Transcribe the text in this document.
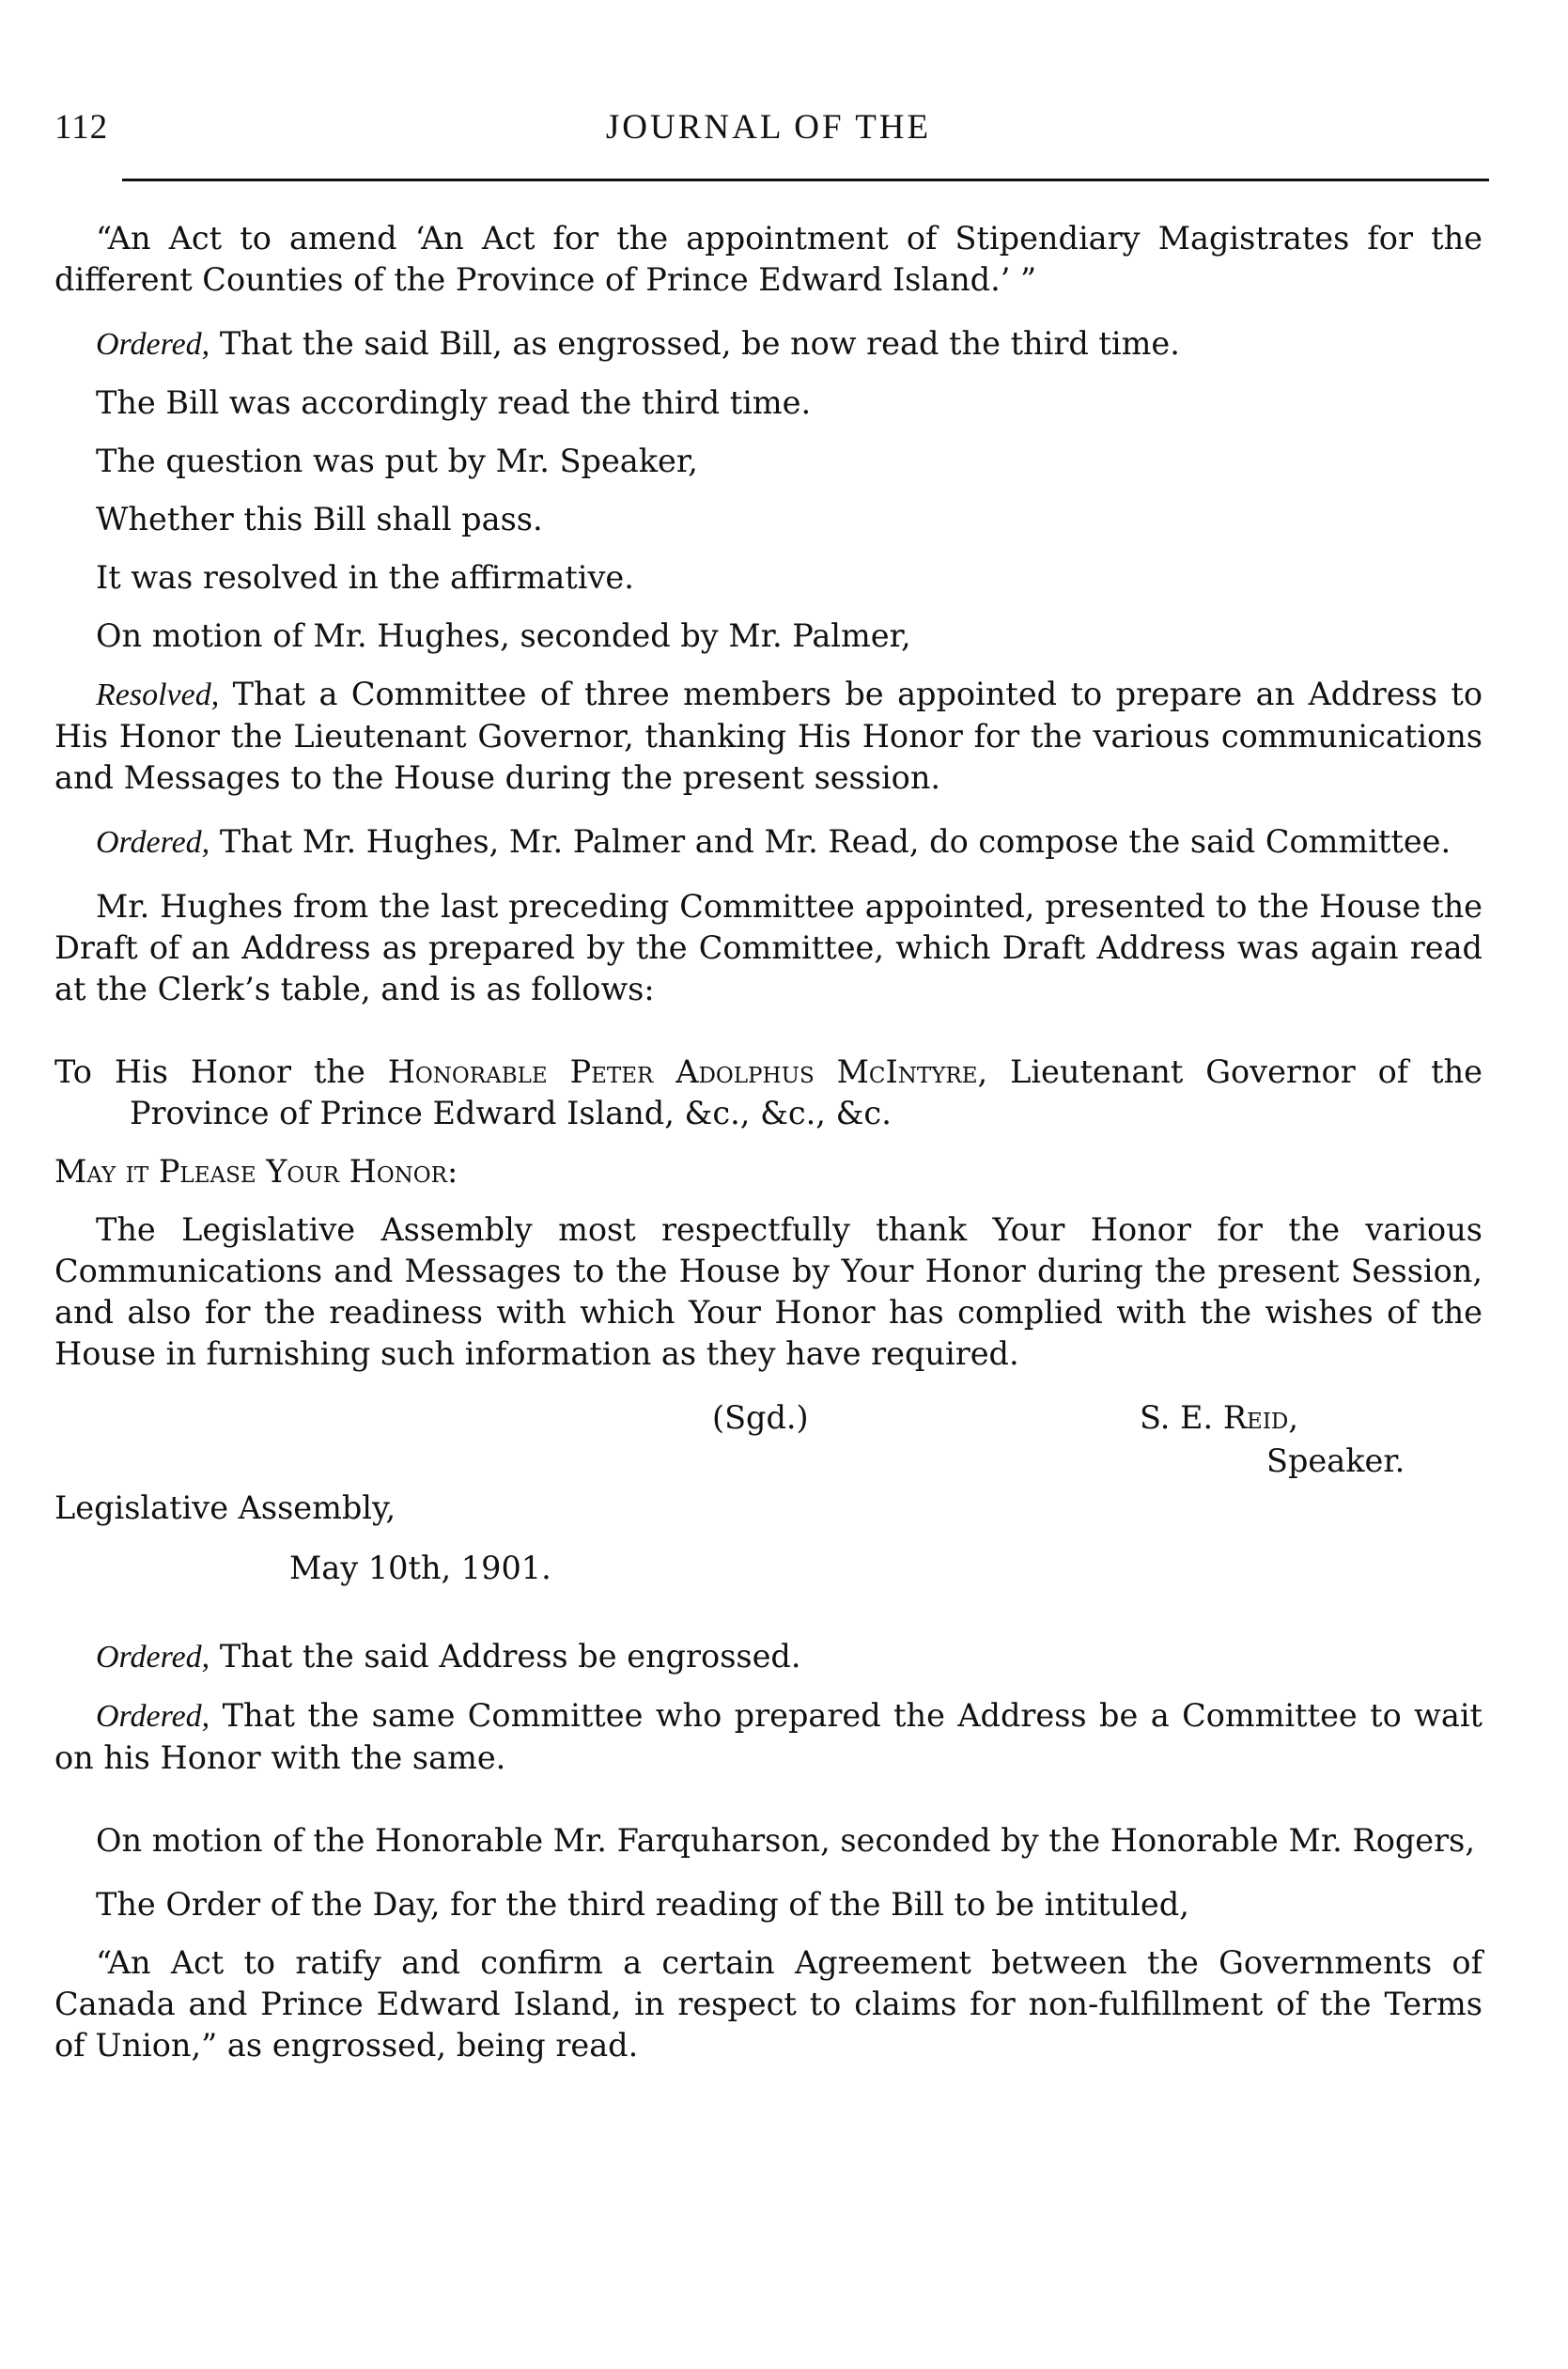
112	JOURNAL OF THE

“An Act to amend ‘An Act for the appointment of Stipendiary Magistrates for the different Counties of the Province of Prince Edward Island.’ ”

Ordered, That the said Bill, as engrossed, be now read the third time.

The Bill was accordingly read the third time.

The question was put by Mr. Speaker,

Whether this Bill shall pass.

It was resolved in the affirmative.

On motion of Mr. Hughes, seconded by Mr. Palmer,

Resolved, That a Committee of three members be appointed to prepare an Address to His Honor the Lieutenant Governor, thanking His Honor for the various communications and Messages to the House during the present session.

Ordered, That Mr. Hughes, Mr. Palmer and Mr. Read, do compose the said Committee.

Mr. Hughes from the last preceding Committee appointed, presented to the House the Draft of an Address as prepared by the Committee, which Draft Address was again read at the Clerk’s table, and is as follows:

To His Honor the Honorable Peter Adolphus McIntyre, Lieutenant Governor of the Province of Prince Edward Island, &c., &c., &c.

May it Please Your Honor:

The Legislative Assembly most respectfully thank Your Honor for the various Communications and Messages to the House by Your Honor during the present Session, and also for the readiness with which Your Honor has complied with the wishes of the House in furnishing such information as they have required.

(Sgd.)	S. E. Reid,
Speaker.
Legislative Assembly,
May 10th, 1901.

Ordered, That the said Address be engrossed.

Ordered, That the same Committee who prepared the Address be a Committee to wait on his Honor with the same.

On motion of the Honorable Mr. Farquharson, seconded by the Honorable Mr. Rogers,

The Order of the Day, for the third reading of the Bill to be intituled,

“An Act to ratify and confirm a certain Agreement between the Governments of Canada and Prince Edward Island, in respect to claims for non-fulfillment of the Terms of Union,” as engrossed, being read.
